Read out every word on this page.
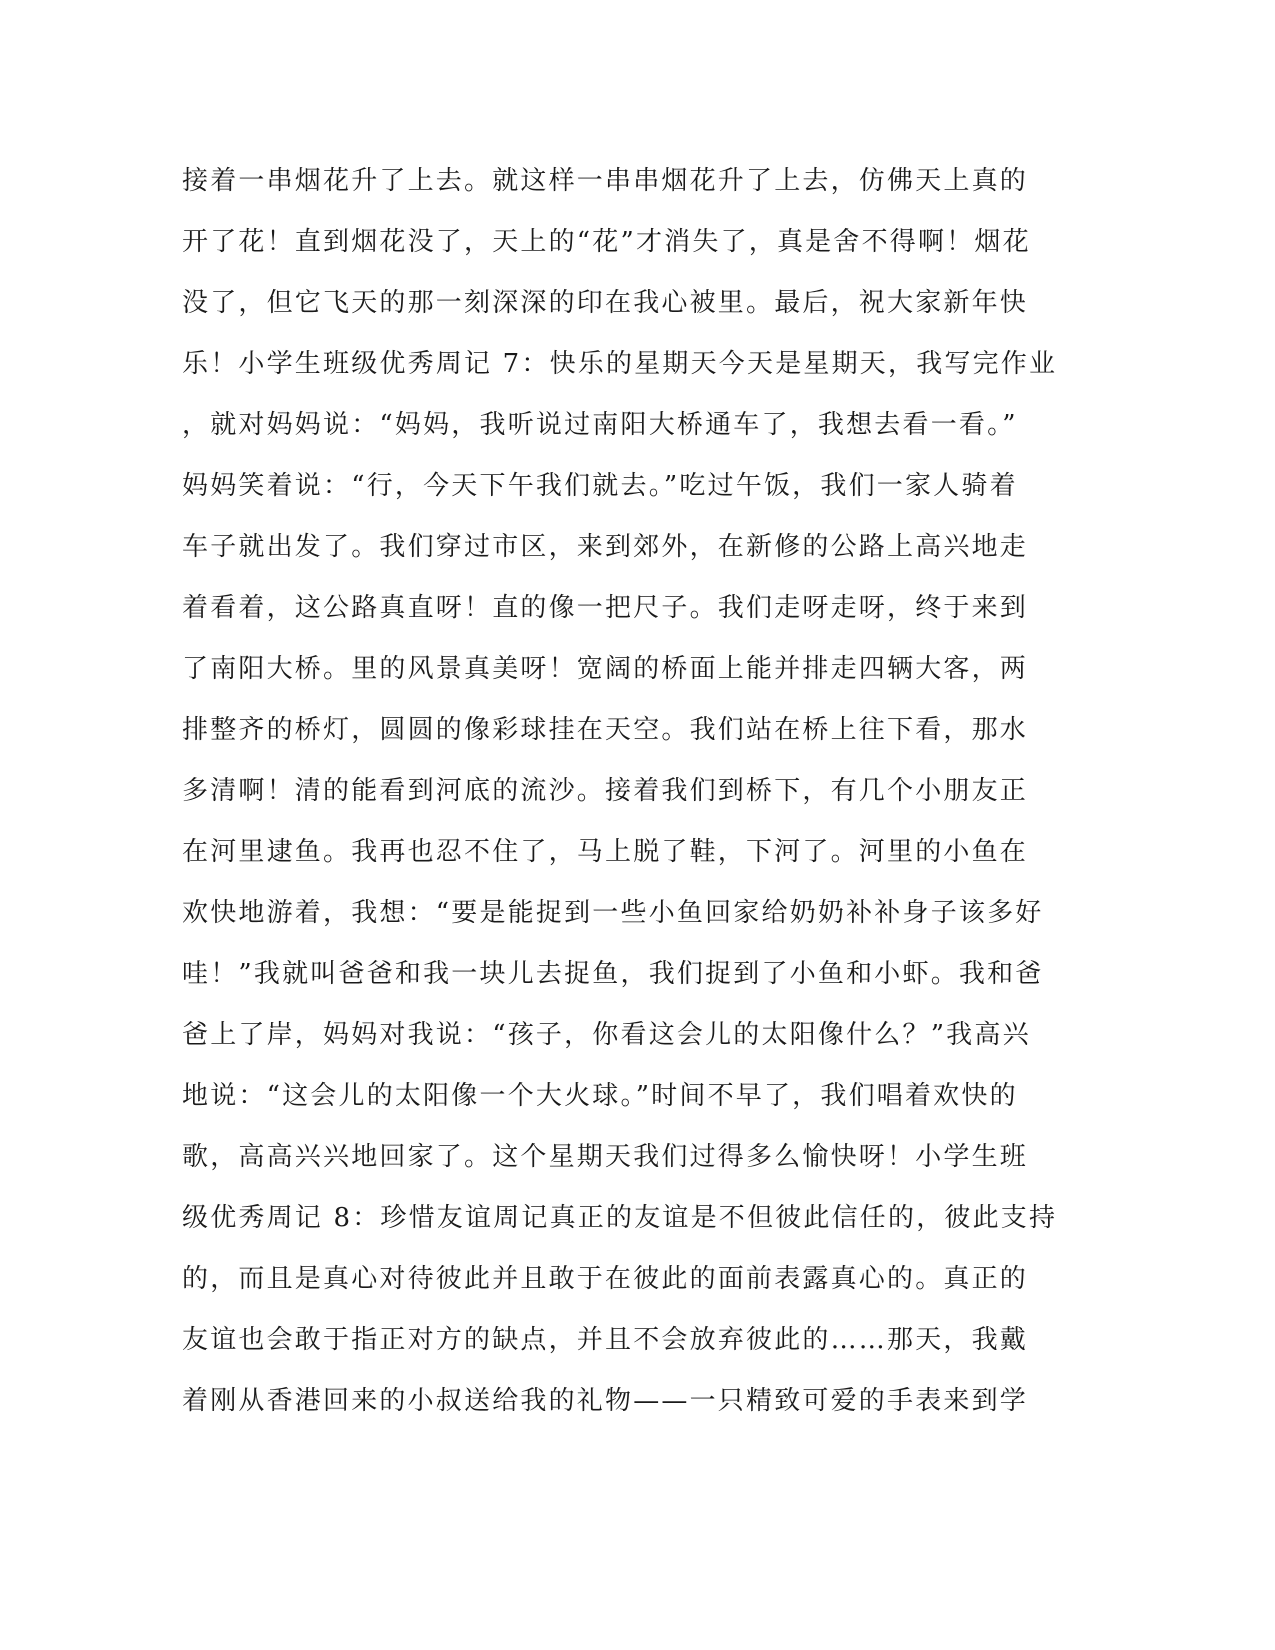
接着一串烟花升了上去。就这样一串串烟花升了上去，仿佛天上真的
开了花！直到烟花没了，天上的“花”才消失了，真是舍不得啊！烟花
没了，但它飞天的那一刻深深的印在我心被里。最后，祝大家新年快
乐！小学生班级优秀周记 7：快乐的星期天今天是星期天，我写完作业
，就对妈妈说：“妈妈，我听说过南阳大桥通车了，我想去看一看。”
妈妈笑着说：“行，今天下午我们就去。”吃过午饭，我们一家人骑着
车子就出发了。我们穿过市区，来到郊外，在新修的公路上高兴地走
着看着，这公路真直呀！直的像一把尺子。我们走呀走呀，终于来到
了南阳大桥。里的风景真美呀！宽阔的桥面上能并排走四辆大客，两
排整齐的桥灯，圆圆的像彩球挂在天空。我们站在桥上往下看，那水
多清啊！清的能看到河底的流沙。接着我们到桥下，有几个小朋友正
在河里逮鱼。我再也忍不住了，马上脱了鞋，下河了。河里的小鱼在
欢快地游着，我想：“要是能捉到一些小鱼回家给奶奶补补身子该多好
哇！”我就叫爸爸和我一块儿去捉鱼，我们捉到了小鱼和小虾。我和爸
爸上了岸，妈妈对我说：“孩子，你看这会儿的太阳像什么？”我高兴
地说：“这会儿的太阳像一个大火球。”时间不早了，我们唱着欢快的
歌，高高兴兴地回家了。这个星期天我们过得多么愉快呀！小学生班
级优秀周记 8：珍惜友谊周记真正的友谊是不但彼此信任的，彼此支持
的，而且是真心对待彼此并且敢于在彼此的面前表露真心的。真正的
友谊也会敢于指正对方的缺点，并且不会放弃彼此的……那天，我戴
着刚从香港回来的小叔送给我的礼物——一只精致可爱的手表来到学
